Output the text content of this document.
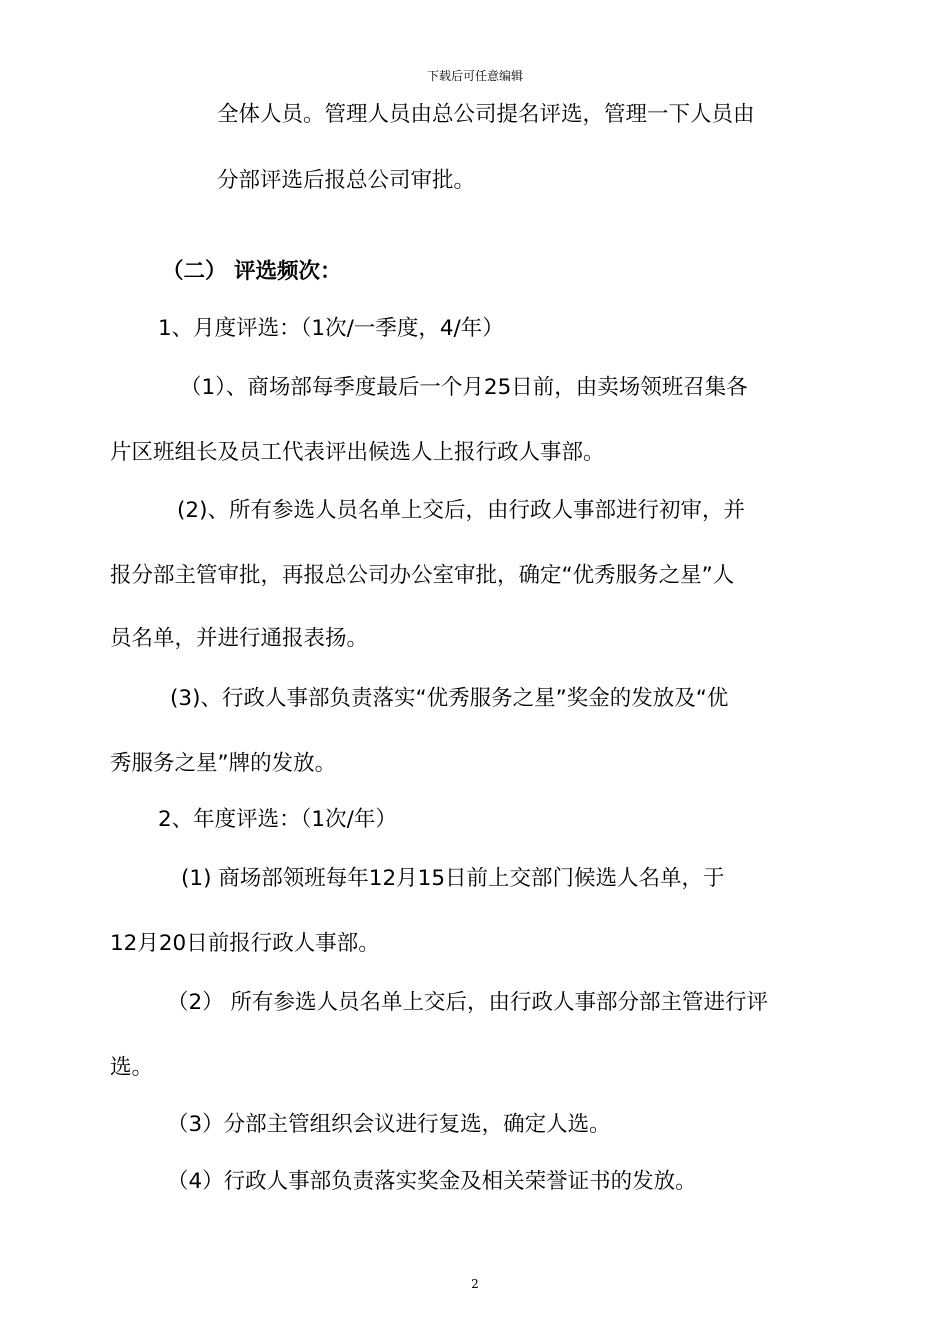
下载后可任意编辑

全体人员。管理人员由总公司提名评选，管理一下人员由

分部评选后报总公司审批。

（二） 评选频次：

1、月度评选：（1次/一季度，4/年）

（1）、商场部每季度最后一个月25日前，由卖场领班召集各

片区班组长及员工代表评出候选人上报行政人事部。

(2)、所有参选人员名单上交后，由行政人事部进行初审，并

报分部主管审批，再报总公司办公室审批，确定“优秀服务之星”人

员名单，并进行通报表扬。

(3)、行政人事部负责落实“优秀服务之星”奖金的发放及“优

秀服务之星”牌的发放。

2、年度评选：（1次/年）

(1) 商场部领班每年12月15日前上交部门候选人名单，于

12月20日前报行政人事部。

（2） 所有参选人员名单上交后，由行政人事部分部主管进行评

选。

（3）分部主管组织会议进行复选，确定人选。

（4）行政人事部负责落实奖金及相关荣誉证书的发放。

2
